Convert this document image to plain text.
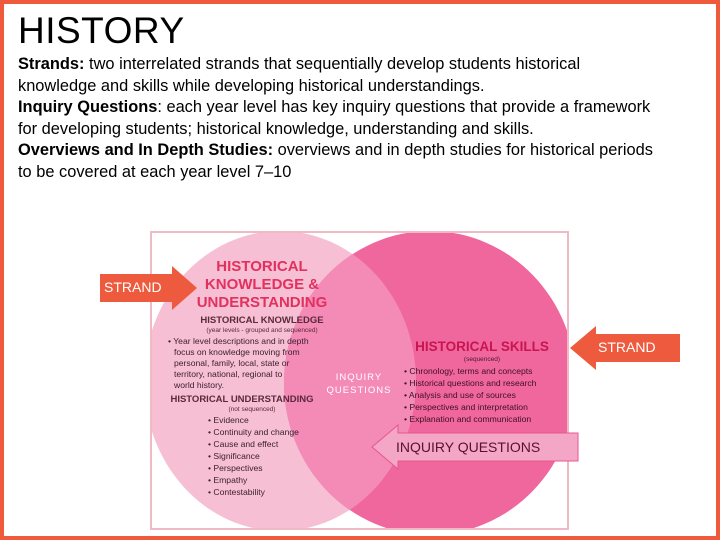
HISTORY
Strands: two interrelated strands that sequentially develop students historical knowledge and skills while developing historical understandings.
Inquiry Questions: each year level has key inquiry questions that provide a framework for developing students; historical knowledge, understanding and skills.
Overviews and In Depth Studies: overviews and in depth studies for historical periods to be covered at each year level 7–10
HISTORICAL
KNOWLEDGE &
UNDERSTANDING
HISTORICAL KNOWLEDGE
(year levels - grouped and sequenced)
• Year level descriptions and in depth
focus on knowledge moving from
personal, family, local, state or
territory, national, regional to
world history.
HISTORICAL UNDERSTANDING
(not sequenced)
• Evidence
• Continuity and change
• Cause and effect
• Significance
• Perspectives
• Empathy
• Contestability
INQUIRY
QUESTIONS
HISTORICAL SKILLS
(sequenced)
• Chronology, terms and concepts
• Historical questions and research
• Analysis and use of sources
• Perspectives and interpretation
• Explanation and communication
STRAND
STRAND
INQUIRY QUESTIONS
